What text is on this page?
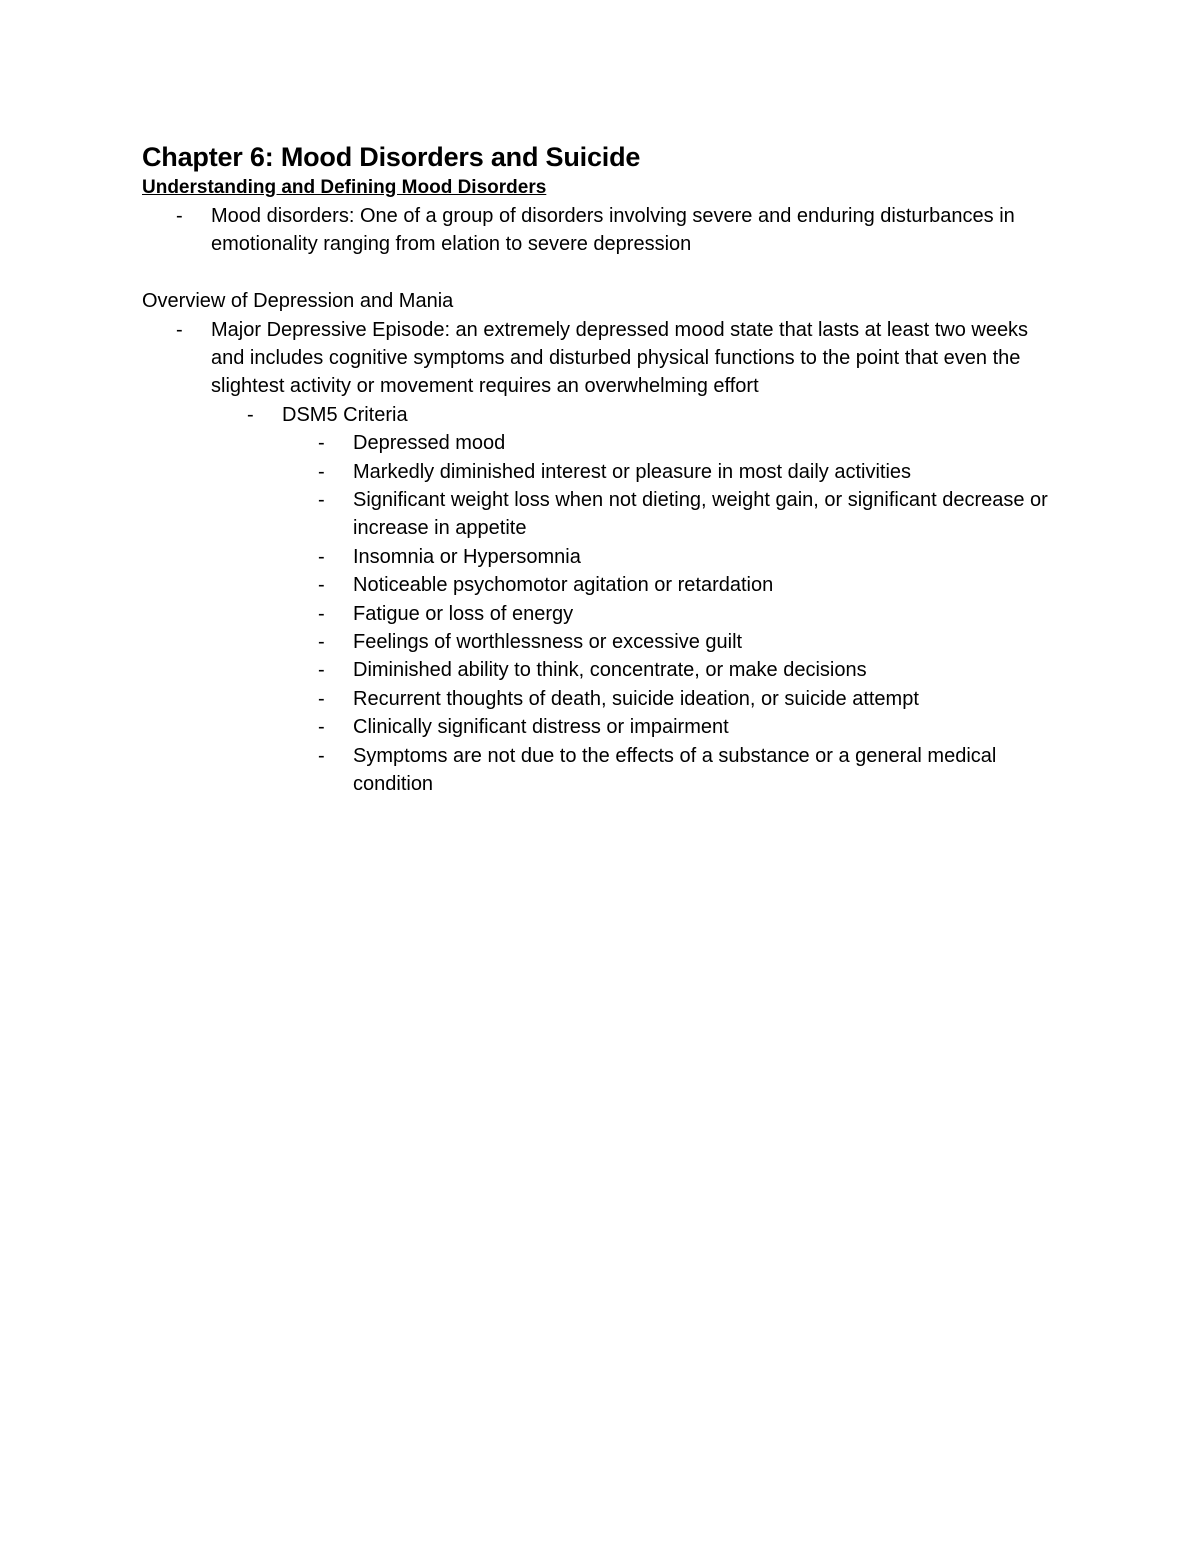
Chapter 6: Mood Disorders and Suicide
Understanding and Defining Mood Disorders
- Mood disorders: One of a group of disorders involving severe and enduring disturbances in emotionality ranging from elation to severe depression
Overview of Depression and Mania
- Major Depressive Episode: an extremely depressed mood state that lasts at least two weeks and includes cognitive symptoms and disturbed physical functions to the point that even the slightest activity or movement requires an overwhelming effort
- DSM5 Criteria
- Depressed mood
- Markedly diminished interest or pleasure in most daily activities
- Significant weight loss when not dieting, weight gain, or significant decrease or increase in appetite
- Insomnia or Hypersomnia
- Noticeable psychomotor agitation or retardation
- Fatigue or loss of energy
- Feelings of worthlessness or excessive guilt
- Diminished ability to think, concentrate, or make decisions
- Recurrent thoughts of death, suicide ideation, or suicide attempt
- Clinically significant distress or impairment
- Symptoms are not due to the effects of a substance or a general medical condition
